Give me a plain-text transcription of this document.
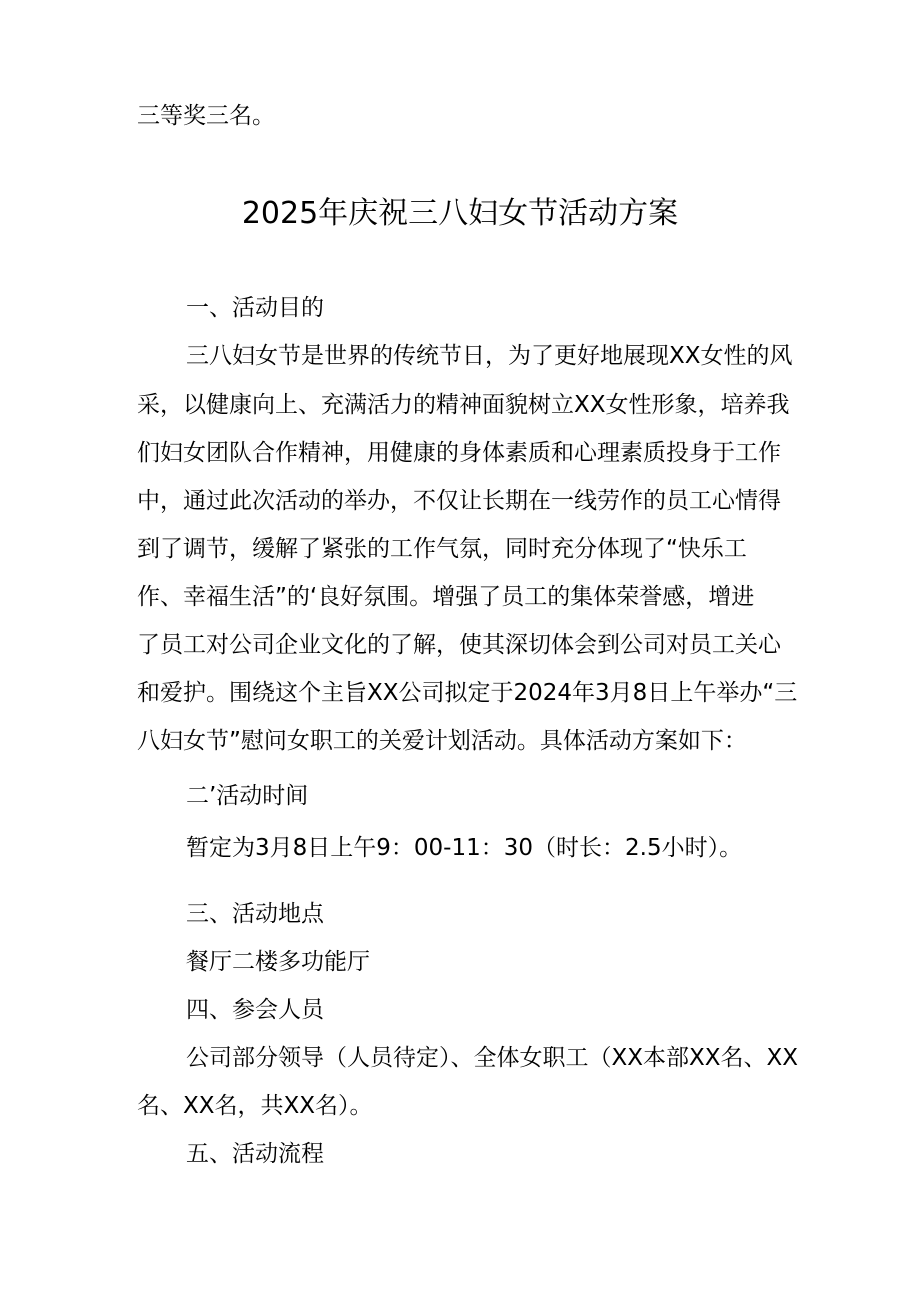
三等奖三名。
2025年庆祝三八妇女节活动方案
一、活动目的
三八妇女节是世界的传统节日，为了更好地展现XX女性的风
采，以健康向上、充满活力的精神面貌树立XX女性形象，培养我
们妇女团队合作精神，用健康的身体素质和心理素质投身于工作
中，通过此次活动的举办，不仅让长期在一线劳作的员工心情得
到了调节，缓解了紧张的工作气氛，同时充分体现了“快乐工
作、幸福生活”的‘良好氛围。增强了员工的集体荣誉感，增进
了员工对公司企业文化的了解，使其深切体会到公司对员工关心
和爱护。围绕这个主旨XX公司拟定于2024年3月8日上午举办“三
八妇女节”慰问女职工的关爱计划活动。具体活动方案如下：
二’活动时间
暂定为3月8日上午9：00-11：30（时长：2.5小时）。
三、活动地点
餐厅二楼多功能厅
四、参会人员
公司部分领导（人员待定）、全体女职工（XX本部XX名、XX
名、XX名，共XX名）。
五、活动流程
